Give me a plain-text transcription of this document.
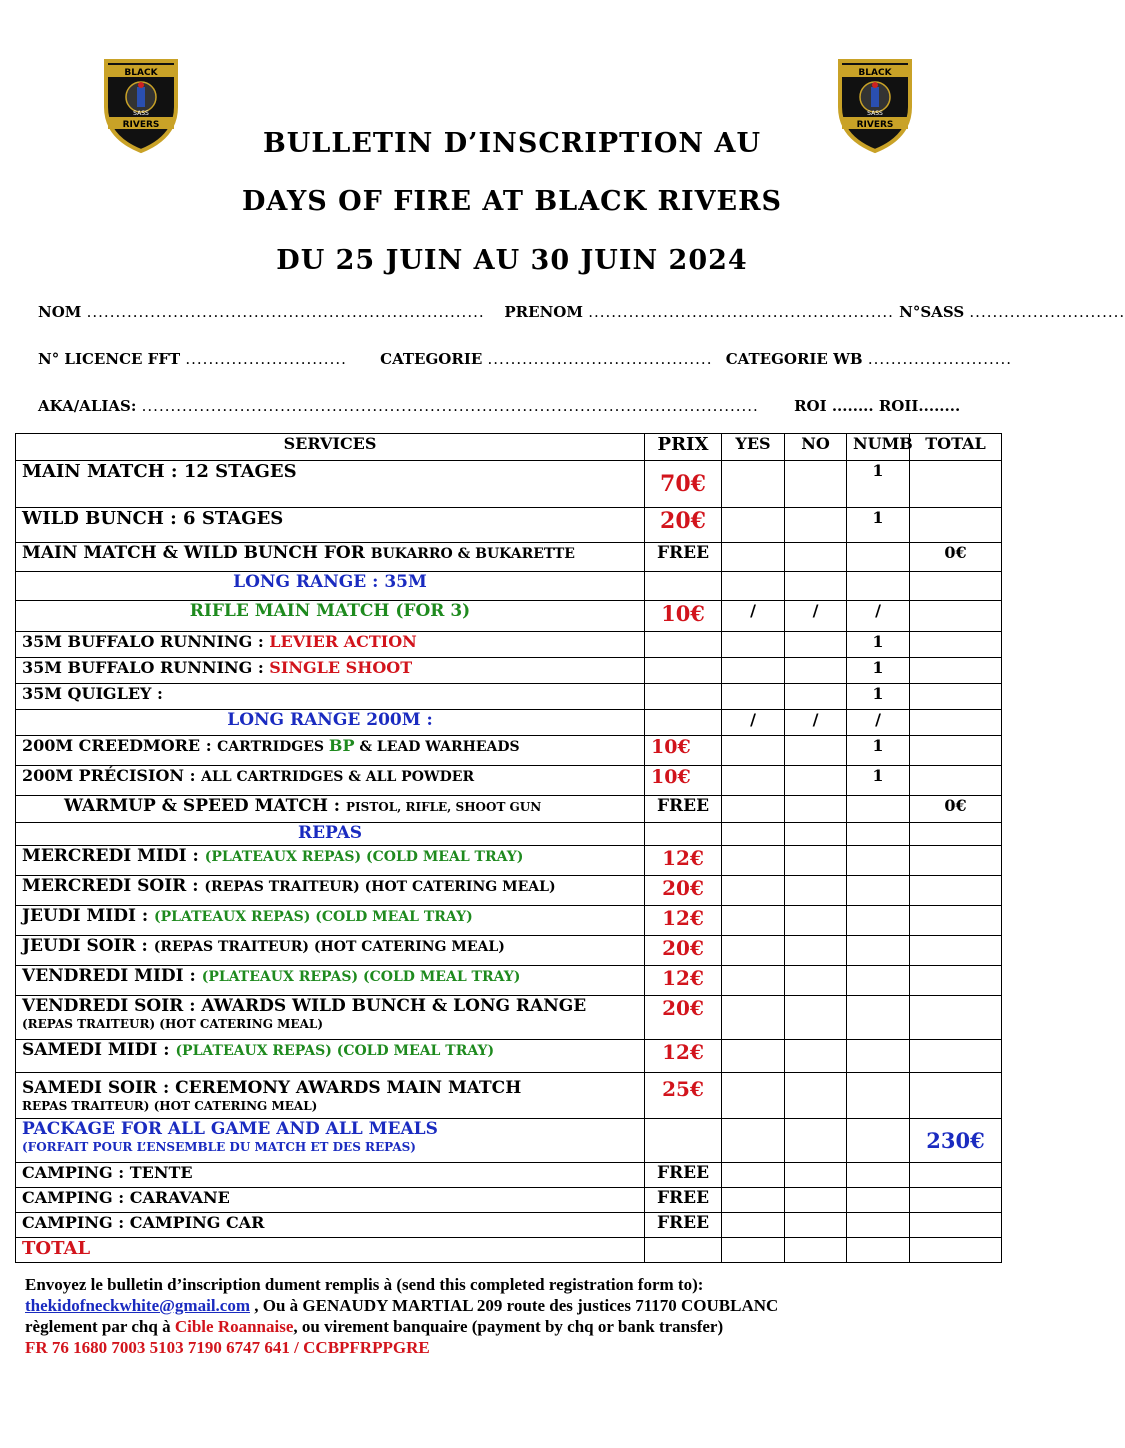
BLACK
SASS
RIVERS
BLACK
SASS
RIVERS
BULLETIN D’INSCRIPTION AU
DAYS OF FIRE AT BLACK RIVERS
DU 25 JUIN AU 30 JUIN 2024
NOM ..................................................................... PRENOM ..................................................... N°SASS ...........................
N° LICENCE FFT ............................ CATEGORIE ....................................... CATEGORIE WB .........................
AKA/ALIAS: ........................................................................................................... ROI ........ ROII........
SERVICES	PRIX	YES	NO	NUMB	TOTAL
MAIN MATCH : 12 STAGES	70€			1	
WILD BUNCH : 6 STAGES	20€			1	
MAIN MATCH & WILD BUNCH FOR BUKARRO & BUKARETTE	FREE				0€
LONG RANGE : 35M					
RIFLE MAIN MATCH (FOR 3)	10€	/	/	/	
35M BUFFALO RUNNING : LEVIER ACTION				1	
35M BUFFALO RUNNING : SINGLE SHOOT				1	
35M QUIGLEY :				1	
LONG RANGE 200M :		/	/	/	
200M CREEDMORE : CARTRIDGES BP & LEAD WARHEADS	10€			1	
200M PRÉCISION : ALL CARTRIDGES & ALL POWDER	10€			1	
WARMUP & SPEED MATCH : PISTOL, RIFLE, SHOOT GUN	FREE				0€
REPAS					
MERCREDI MIDI : (PLATEAUX REPAS) (COLD MEAL TRAY)	12€				
MERCREDI SOIR : (REPAS TRAITEUR) (HOT CATERING MEAL)	20€				
JEUDI MIDI : (PLATEAUX REPAS) (COLD MEAL TRAY)	12€				
JEUDI SOIR : (REPAS TRAITEUR) (HOT CATERING MEAL)	20€				
VENDREDI MIDI : (PLATEAUX REPAS) (COLD MEAL TRAY)	12€				

VENDREDI SOIR : AWARDS WILD BUNCH & LONG RANGE
(REPAS TRAITEUR) (HOT CATERING MEAL)	20€				
SAMEDI MIDI : (PLATEAUX REPAS) (COLD MEAL TRAY)	12€				

SAMEDI SOIR : CEREMONY AWARDS MAIN MATCH
REPAS TRAITEUR) (HOT CATERING MEAL)	25€				

PACKAGE FOR ALL GAME AND ALL MEALS
(FORFAIT POUR L’ENSEMBLE DU MATCH ET DES REPAS)					230€
CAMPING : TENTE	FREE				
CAMPING : CARAVANE	FREE				
CAMPING : CAMPING CAR	FREE				
TOTAL					
Envoyez le bulletin d’inscription dument remplis à (send this completed registration form to):
thekidofneckwhite@gmail.com , Ou à GENAUDY MARTIAL 209 route des justices 71170 COUBLANC
règlement par chq à Cible Roannaise, ou virement banquaire (payment by chq or bank transfer)
FR 76 1680 7003 5103 7190 6747 641 / CCBPFRPPGRE
